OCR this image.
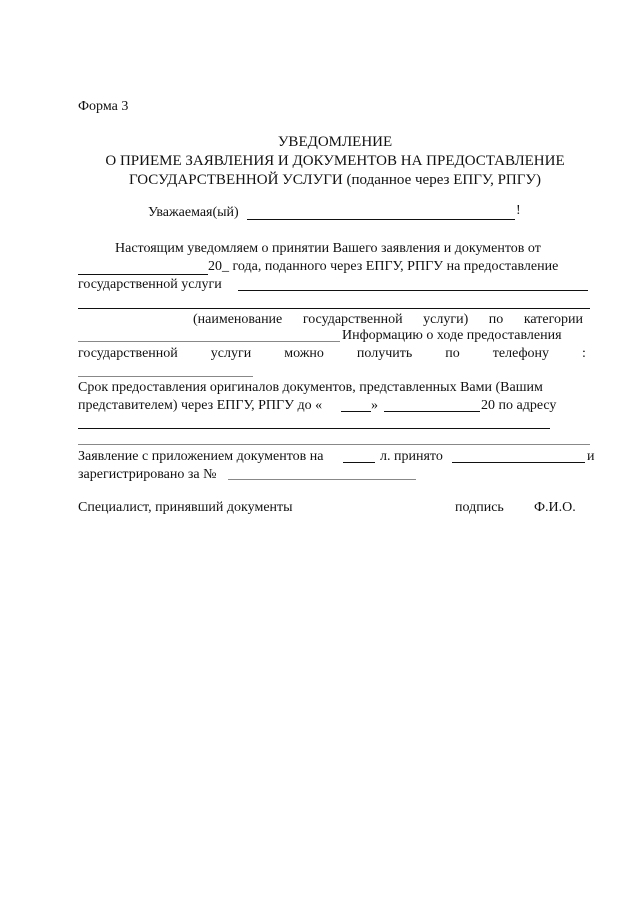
Форма 3
УВЕДОМЛЕНИЕ
О ПРИЕМЕ ЗАЯВЛЕНИЯ И ДОКУМЕНТОВ НА ПРЕДОСТАВЛЕНИЕ
ГОСУДАРСТВЕННОЙ УСЛУГИ (поданное через ЕПГУ, РПГУ)
Уважаемая(ый)	!
Настоящим уведомляем о принятии Вашего заявления и документов от
20_ года, поданного через ЕПГУ, РПГУ на предоставление
государственной услуги
(наименование государственной услуги) по категории
Информацию о ходе предоставления
государственной услуги можно получить по телефону :
Срок предоставления оригиналов документов, представленных Вами (Вашим
представителем) через ЕПГУ, РПГУ до «	»	20 по адресу
Заявление с приложением документов на	л. принято	и
зарегистрировано за №
Специалист, принявший документы	подпись Ф.И.О.
